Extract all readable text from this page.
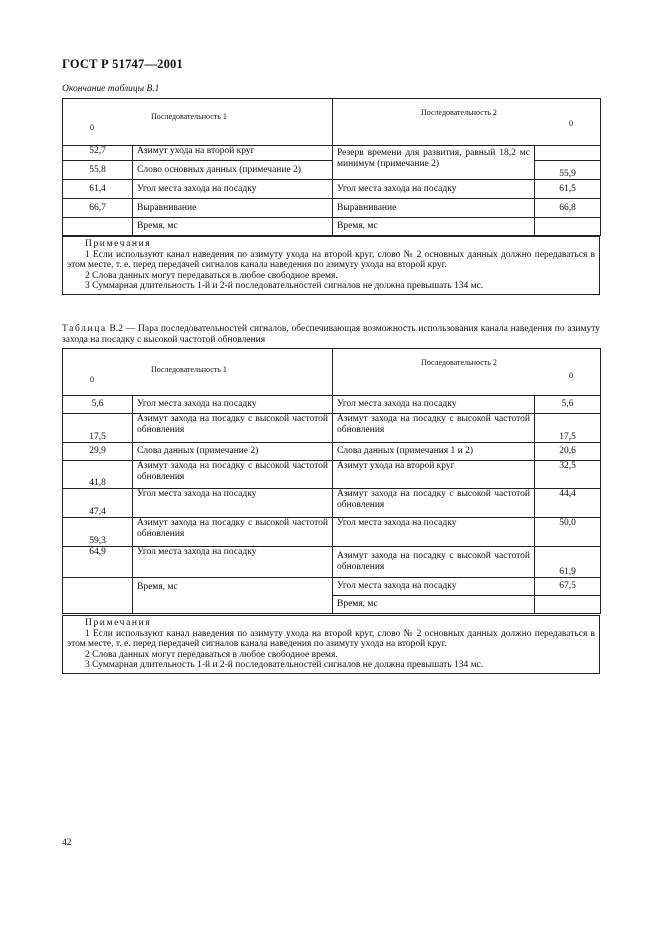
ГОСТ Р 51747—2001
Окончание таблицы В.1
Последовательность 1
0		Последовательность 2
0	

52,7	Азимут ухода на второй круг	Резерв времени для развития, равный 18,2 мс минимум (примечание 2)	
55,8	Слово основных данных (примечание 2)		55,9
61,4	Угол места захода на посадку	Угол места захода на посадку	61,5
66,7	Выравнивание	Выравнивание	66,8
	Время, мс	Время, мс	
Примечания

1 Если используют канал наведения по азимуту ухода на второй круг, слово № 2 основных данных должно передаваться в этом месте, т. е. перед передачей сигналов канала наведения по азимуту ухода на второй круг.

2 Слова данных могут передаваться в любое свободное время.

3 Суммарная длительность 1-й и 2-й последовательностей сигналов не должна превышать 134 мс.

Таблица В.2 — Пара последовательностей сигналов, обеспечивающая возможность использования канала наведения по азимуту захода на посадку с высокой частотой обновления
Последовательность 1
0		Последовательность 2
0	

5,6	Угол места захода на посадку	Угол места захода на посадку	5,6
17,5	Азимут захода на посадку с высокой частотой обновления	Азимут захода на посадку с высокой частотой обновления	17,5
29,9	Слова данных (примечание 2)	Слова данных (примечания 1 и 2)	20,6
41,8	Азимут захода на посадку с высокой частотой обновления	Азимут ухода на второй круг	32,5
47,4	Угол места захода на посадку	Азимут захода на посадку с высокой частотой обновления	44,4
59,3	Азимут захода на посадку с высокой частотой обновления	Угол места захода на посадку	50,0
64,9	Угол места захода на посадку	Азимут захода на посадку с высокой частотой обновления	61,9
	Время, мс	Угол места захода на посадку	67,5
		Время, мс	
Примечания

1 Если используют канал наведения по азимуту ухода на второй круг, слово № 2 основных данных должно передаваться в этом месте, т. е. перед передачей сигналов канала наведения по азимуту ухода на второй круг.

2 Слова данных могут передаваться в любое свободное время.

3 Суммарная длительность 1-й и 2-й последовательностей сигналов не должна превышать 134 мс.

42
